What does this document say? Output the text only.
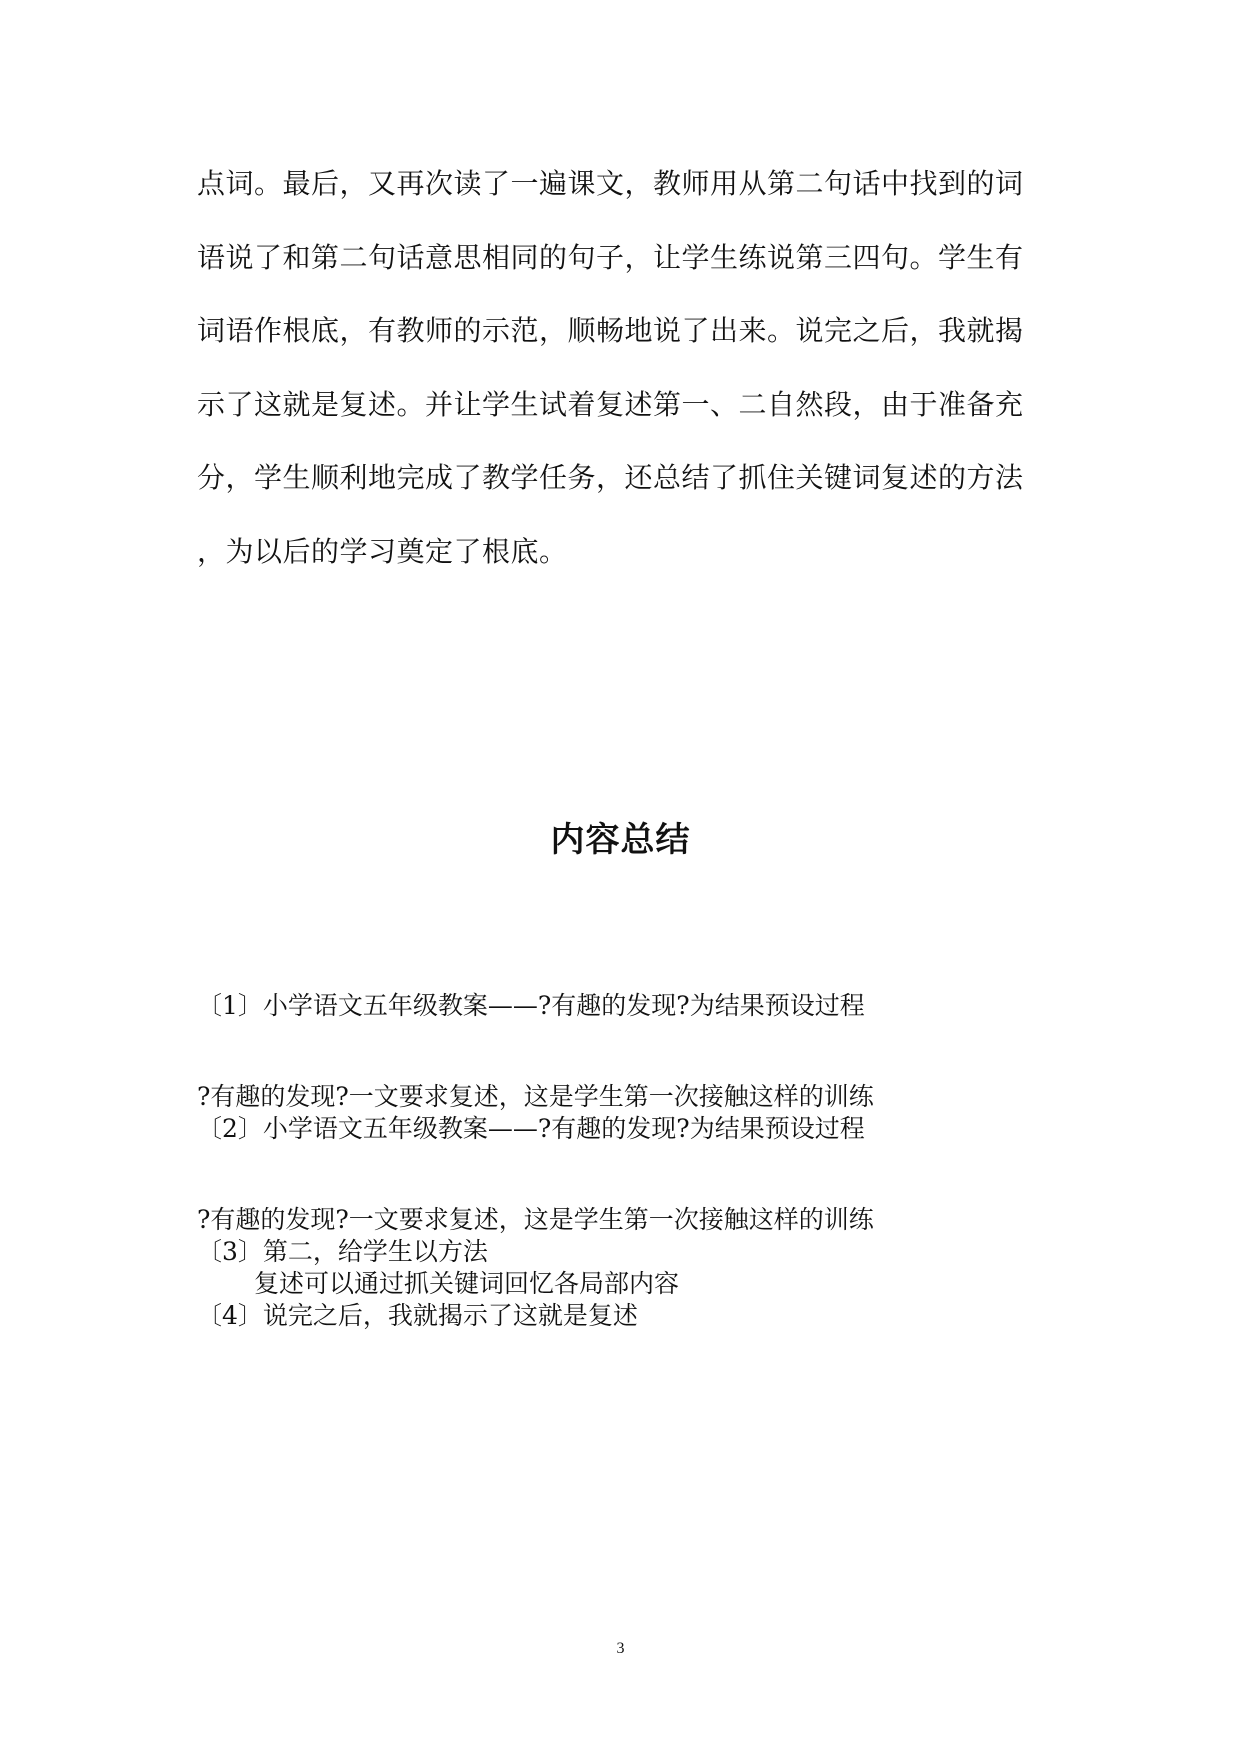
点词。最后，又再次读了一遍课文，教师用从第二句话中找到的词
语说了和第二句话意思相同的句子，让学生练说第三四句。学生有
词语作根底，有教师的示范，顺畅地说了出来。说完之后，我就揭
示了这就是复述。并让学生试着复述第一、二自然段，由于准备充
分，学生顺利地完成了教学任务，还总结了抓住关键词复述的方法
，为以后的学习奠定了根底。
内容总结
〔1〕小学语文五年级教案——?有趣的发现?为结果预设过程
?有趣的发现?一文要求复述，这是学生第一次接触这样的训练
〔2〕小学语文五年级教案——?有趣的发现?为结果预设过程
?有趣的发现?一文要求复述，这是学生第一次接触这样的训练
〔3〕第二，给学生以方法
复述可以通过抓关键词回忆各局部内容
〔4〕说完之后，我就揭示了这就是复述
3
